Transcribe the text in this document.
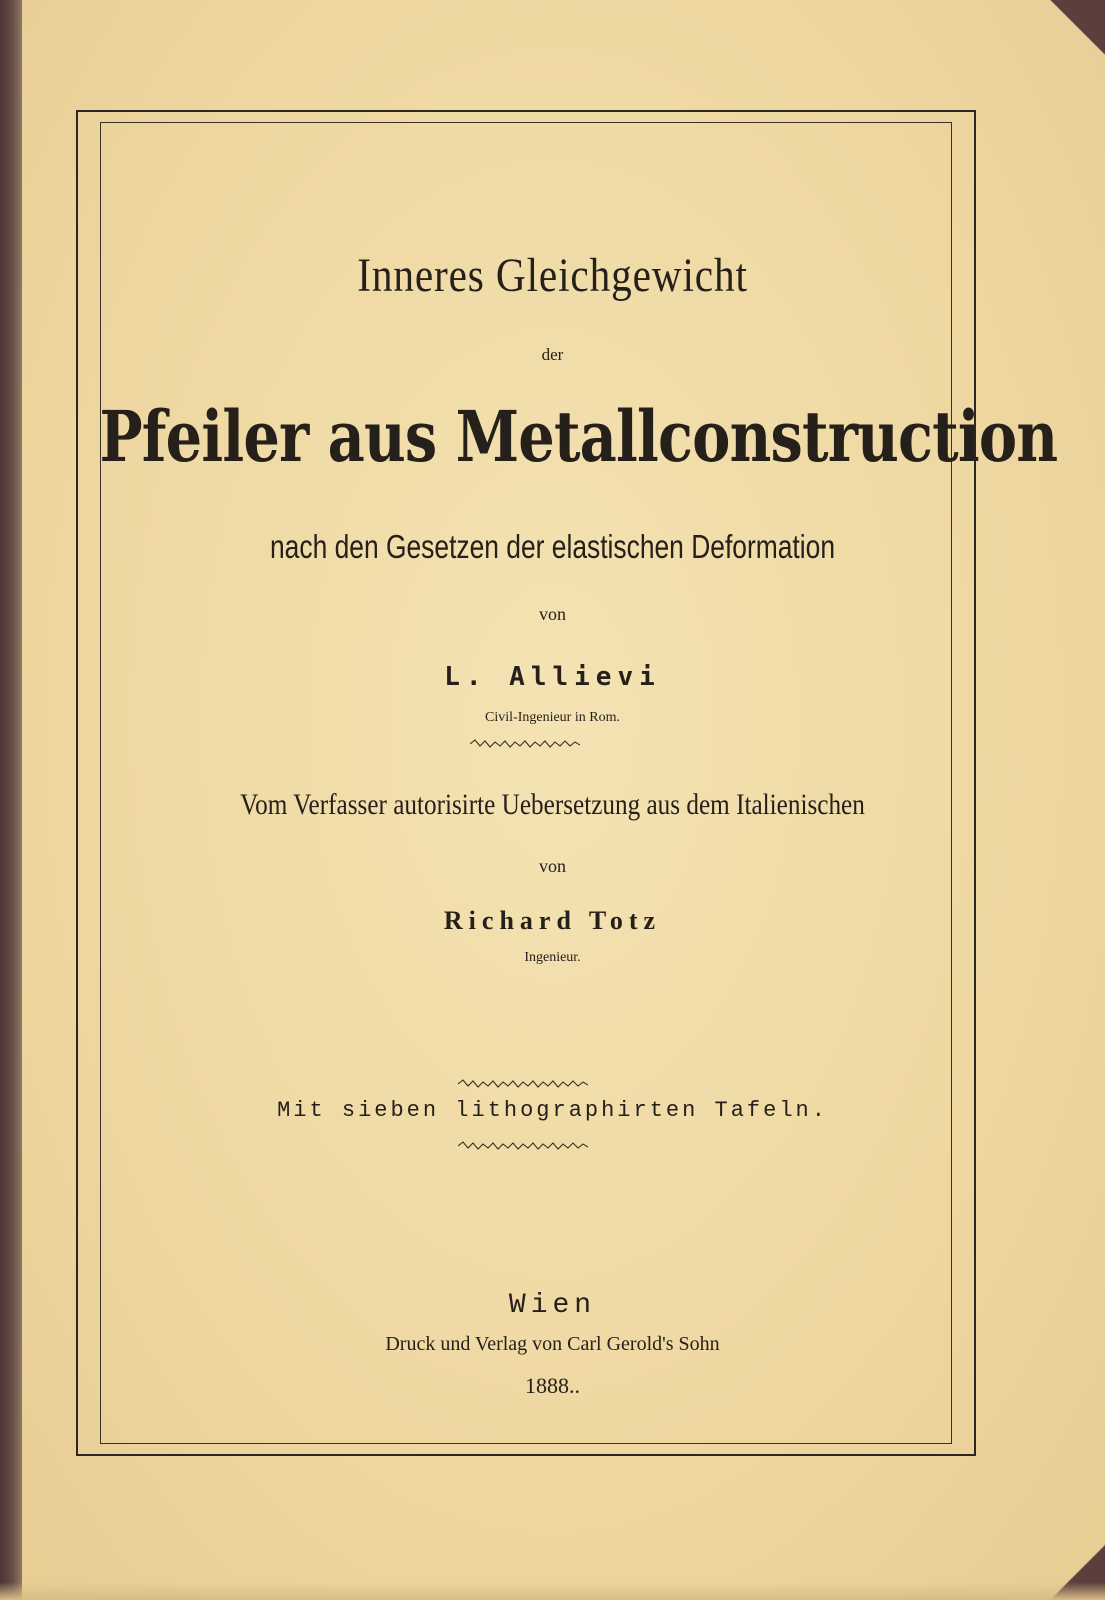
Inneres Gleichgewicht
der
Pfeiler aus Metallconstruction
nach den Gesetzen der elastischen Deformation
von
L. Allievi
Civil-Ingenieur in Rom.
Vom Verfasser autorisirte Uebersetzung aus dem Italienischen
von
Richard Totz
Ingenieur.
Mit sieben lithographirten Tafeln.
Wien
Druck und Verlag von Carl Gerold's Sohn
1888..
